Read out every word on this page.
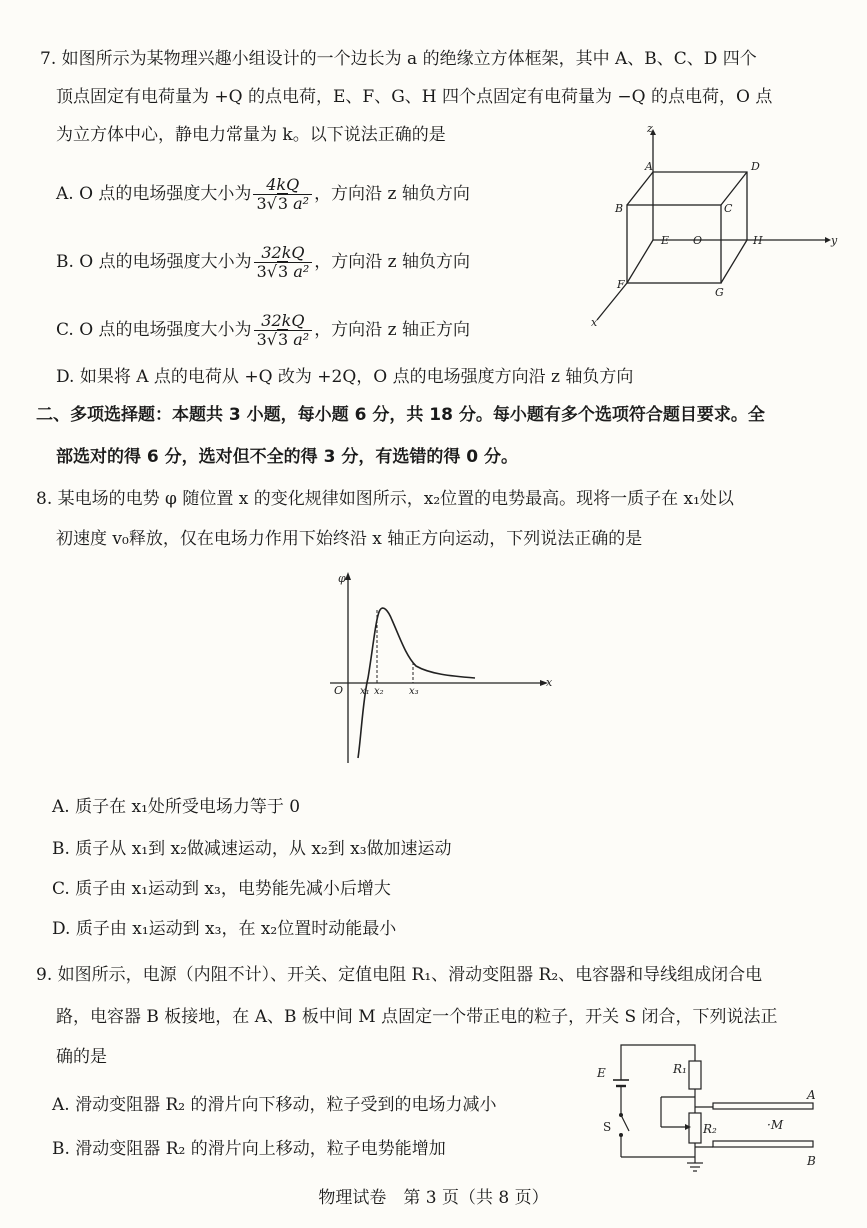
7. 如图所示为某物理兴趣小组设计的一个边长为 a 的绝缘立方体框架，其中 A、B、C、D 四个
顶点固定有电荷量为 +Q 的点电荷，E、F、G、H 四个点固定有电荷量为 −Q 的点电荷，O 点
为立方体中心，静电力常量为 k。以下说法正确的是
A. O 点的电场强度大小为 $\frac{4kQ}{\text{3√3 a²}}$ ，方向沿 z 轴负方向
B. O 点的电场强度大小为 $\frac{32kQ}{\text{3√3 a²}}$ ，方向沿 z 轴负方向
C. O 点的电场强度大小为 $\frac{32kQ}{\text{3√3 a²}}$ ，方向沿 z 轴正方向
D. 如果将 A 点的电荷从 +Q 改为 +2Q，O 点的电场强度方向沿 z 轴负方向
z
y
x
A	D
B	C
E O	H
F
G
二、多项选择题：本题共 3 小题，每小题 6 分，共 18 分。每小题有多个选项符合题目要求。全
部选对的得 6 分，选对但不全的得 3 分，有选错的得 0 分。
8. 某电场的电势 φ 随位置 x 的变化规律如图所示，x₂位置的电势最高。现将一质子在 x₁处以
初速度 v₀释放，仅在电场力作用下始终沿 x 轴正方向运动，下列说法正确的是
φ
x
O x₁ x₂	x₃
A. 质子在 x₁处所受电场力等于 0
B. 质子从 x₁到 x₂做减速运动，从 x₂到 x₃做加速运动
C. 质子由 x₁运动到 x₃，电势能先减小后增大
D. 质子由 x₁运动到 x₃，在 x₂位置时动能最小
9. 如图所示，电源（内阻不计）、开关、定值电阻 R₁、滑动变阻器 R₂、电容器和导线组成闭合电
路，电容器 B 板接地，在 A、B 板中间 M 点固定一个带正电的粒子，开关 S 闭合，下列说法正
确的是
A. 滑动变阻器 R₂ 的滑片向下移动，粒子受到的电场力减小
B. 滑动变阻器 R₂ 的滑片向上移动，粒子电势能增加
E
S
R₁
R₂
A
B
·M
物理试卷　第 3 页（共 8 页）
